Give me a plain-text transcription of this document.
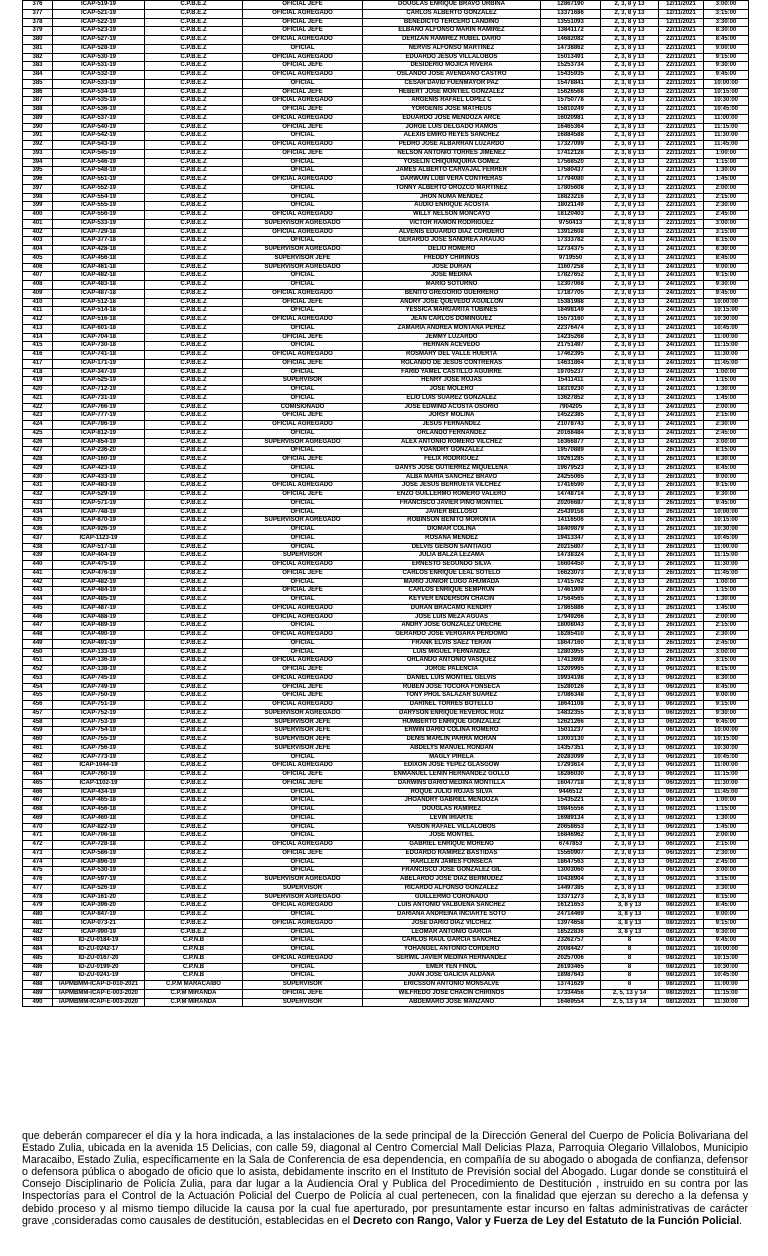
376	ICAP-519-19	C.P.B.E.Z	OFICIAL JEFE	DOUGLAS ENRIQUE BRAVO URBINA	12867190	2, 3, 8 y 13	12/11/2021	3:00:00
377	ICAP-521-19	C.P.B.E.Z	OFICIAL AGREGADO	CARLOS ALBERTO GONZALEZ	13371686	2, 3, 8 y 13	12/11/2021	3:15:00
378	ICAP-522-19	C.P.B.E.Z	OFICIAL JEFE	BENEDICTO TERCERO LANDINO	13551093	2, 3, 8 y 13	12/11/2021	3:30:00
379	ICAP-523-19	C.P.B.E.Z	OFICIAL JEFE	ELBANO ALFONSO MARIN RAMIREZ	13841172	2, 3, 8 y 13	22/11/2021	8:30:00
380	ICAP-527-19	C.P.B.E.Z	OFICIAL AGREGADO	DERIZAN RAMIREZ RUBEL DARIO	14682082	2, 3, 8 y 13	22/11/2021	8:45:00
381	ICAP-528-19	C.P.B.E.Z	OFICIAL	NERVIS ALFONSO MARTINEZ	14738862	2, 3, 8 y 13	22/11/2021	9:00:00
382	ICAP-530-19	C.P.B.E.Z	OFICIAL AGREGADO	EDUARDO JESUS VILLALOBOS	15013491	2, 3, 8 y 13	22/11/2021	9:15:00
383	ICAP-531-19	C.P.B.E.Z	OFICIAL JEFE	DESIDERIO MOJICA RIVERA	15253734	2, 3, 8 y 13	22/11/2021	9:30:00
384	ICAP-532-19	C.P.B.E.Z	OFICIAL AGREGADO	OSLANDO JOSE AVENDAÑO CASTRO	15435935	2, 3, 8 y 13	22/11/2021	9:45:00
385	ICAP-533-19	C.P.B.E.Z	OFICIAL	CESAR DAVID FUENMAYOR PAZ	15478841	2, 3, 8 y 13	22/11/2021	10:00:00
386	ICAP-534-19	C.P.B.E.Z	OFICIAL JEFE	HEBERT JOSE MONTIEL GONZALEZ	15626568	2, 3, 8 y 13	22/11/2021	10:15:00
387	ICAP-535-19	C.P.B.E.Z	OFICIAL AGREGADO	ARGENIS RAFAEL LOPEZ C	15750778	2, 3, 8 y 13	22/11/2021	10:30:00
388	ICAP-536-19	C.P.B.E.Z	OFICIAL JEFE	YORGENIS JOSE MATHEUS	15810249	2, 3, 8 y 13	22/11/2021	10:45:00
389	ICAP-537-19	C.P.B.E.Z	OFICIAL AGREGADO	EDUARDO JOSE MENDOZA ARCE	16020981	2, 3, 8 y 13	22/11/2021	11:00:00
390	ICAP-540-19	C.P.B.E.Z	OFICIAL JEFE	JORGE LUIS DELGADO RAMOS	16465364	2, 3, 8 y 13	22/11/2021	11:15:00
391	ICAP-542-19	C.P.B.E.Z	OFICIAL	ALEXIS EMIRO REYES SANCHEZ	16884588	2, 3, 8 y 13	22/11/2021	11:30:00
392	ICAP-543-19	C.P.B.E.Z	OFICIAL AGREGADO	PEDRO JOSE ALBARRAN LUZARDO	17327099	2, 3, 8 y 13	22/11/2021	11:45:00
393	ICAP-545-19	C.P.B.E.Z	OFICIAL JEFE	NELSON ANTONIO TORRES JIMENEZ	17412128	2, 3, 8 y 13	22/11/2021	1:00:00
394	ICAP-546-19	C.P.B.E.Z	OFICIAL	YOSELIN CHIQUINQUIRA GOMEZ	17568520	2, 3, 8 y 13	22/11/2021	1:15:00
395	ICAP-548-19	C.P.B.E.Z	OFICIAL	JAMES ALBERTO CARVAJAL FERRER	17580437	2, 3, 8 y 13	22/11/2021	1:30:00
396	ICAP-551-19	C.P.B.E.Z	OFICIAL AGREGADO	DARWUIN LUBI VERA CONTRERAS	17794080	2, 3, 8 y 13	22/11/2021	1:45:00
397	ICAP-552-19	C.P.B.E.Z	OFICIAL	TONNY ALBERTO OROZCO MARTINEZ	17805608	2, 3, 8 y 13	22/11/2021	2:00:00
398	ICAP-554-19	C.P.B.E.Z	OFICIAL	JHON NUMA MENDEZ	18823216	2, 3, 8 y 13	22/11/2021	2:15:00
399	ICAP-555-19	C.P.B.E.Z	OFICIAL	AUDIO ENRIQUE ACOSTA	18021149	2, 3, 8 y 13	22/11/2021	2:30:00
400	ICAP-556-19	C.P.B.E.Z	OFICIAL AGREGADO	WILLY NELSON MONCAYO	18120403	2, 3, 8 y 13	22/11/2021	2:45:00
401	ICAP-533-19	C.P.B.E.Z	SUPERVISOR AGREGADO	VICTOR RAMON RODRIGUEZ	9750413	2, 3, 8 y 13	22/11/2021	3:00:00
402	ICAP-729-18	C.P.B.E.Z	OFICIAL AGREGADO	ALVENIS EDUARDO DIAZ CORDERO	13912608	2, 3, 8 y 13	22/11/2021	3:15:00
403	ICAP-377-18	C.P.B.E.Z	OFICIAL	GERARDO JOSE SANDREA ARAUJO	17333782	2, 3, 8 y 13	24/11/2021	8:15:00
404	ICAP-428-18	C.P.B.E.Z	SUPERVISOR AGREGADO	DELIO ROMERO	12734375	2, 3, 8 y 13	24/11/2021	8:30:00
405	ICAP-456-18	C.P.B.E.Z	SUPERVISOR JEFE	FREDDY CHIRINOS	9719550	2, 3, 8 y 13	24/11/2021	8:45:00
406	ICAP-461-18	C.P.B.E.Z	SUPERVISOR AGREGADO	JOSE DURAN	11607258	2, 3, 8 y 13	24/11/2021	9:00:00
407	ICAP-482-18	C.P.B.E.Z	OFICIAL	JOSE MEDINA	17827652	2, 3, 8 y 13	24/11/2021	9:15:00
408	ICAP-483-18	C.P.B.E.Z	OFICIAL	MARIO SOTURNO	12307068	2, 3, 8 y 13	24/11/2021	9:30:00
409	ICAP-487-18	C.P.B.E.Z	OFICIAL AGREGADO	BENITO GREGORIO GUERRERO	17187705	2, 3, 8 y 13	24/11/2021	9:45:00
410	ICAP-512-18	C.P.B.E.Z	OFICIAL JEFE	ANDRY JOSE QUEVEDO AGUILLON	15381988	2, 3, 8 y 13	24/11/2021	10:00:00
411	ICAP-514-18	C.P.B.E.Z	OFICIAL	YESSICA MARGARITA TUBIÑES	18498149	2, 3, 8 y 13	24/11/2021	10:15:00
412	ICAP-516-18	C.P.B.E.Z	OFICIAL AGREGADO	JEAN CARLOS DOMINGUEZ	15573160	2, 3, 8 y 13	24/11/2021	10:30:00
413	ICAP-601-18	C.P.B.E.Z	OFICIAL	ZAMARIA ANDREA MONTAÑA PEREZ	22376474	2, 3, 8 y 13	24/11/2021	10:45:00
414	ICAP-704-18	C.P.B.E.Z	OFICIAL JEFE	JEMMY LUZARDO	14235268	2, 3, 8 y 13	24/11/2021	11:00:00
415	ICAP-730-18	C.P.B.E.Z	OFICIAL	HERNAN ACEVEDO	21751497	2, 3, 8 y 13	24/11/2021	11:15:00
416	ICAP-741-18	C.P.B.E.Z	OFICIAL AGREGADO	ROSMARY DEL VALLE HUERTA	17462395	2, 3, 8 y 13	24/11/2021	11:30:00
417	ICAP-171-19	C.P.B.E.Z	OFICIAL JEFE	ROLANDO DE JESUS CONTRERAS	14631864	2, 3, 8 y 13	24/11/2021	11:45:00
418	ICAP-347-19	C.P.B.E.Z	OFICIAL	FARID YAMEL CASTILLO AGUIRRE	19705237	2, 3, 8 y 13	24/11/2021	1:00:00
419	ICAP-525-19	C.P.B.E.Z	SUPERVISOR	HENRY JOSE ROJAS	15411411	2, 3, 8 y 13	24/11/2021	1:15:00
420	ICAP-712-19	C.P.B.E.Z	OFICIAL	JOSE MOLERO	18319230	2, 3, 8 y 13	24/11/2021	1:30:00
421	ICAP-731-19	C.P.B.E.Z	OFICIAL	ELIO LUIS SUAREZ GONZALEZ	13627852	2, 3, 8 y 13	24/11/2021	1:45:00
422	ICAP-766-19	C.P.B.E.Z	COMISIONADO	JOSE EDWIND ACOSTA OSORIO	7904205	2, 3, 8 y 13	24/11/2021	2:00:00
423	ICAP-777-19	C.P.B.E.Z	OFICIAL JEFE	JORSY MOLINA	14522385	2, 3, 8 y 13	24/11/2021	2:15:00
424	ICAP-786-19	C.P.B.E.Z	OFICIAL AGREGADO	JESUS FERNANDEZ	21078743	2, 3, 8 y 13	24/11/2021	2:30:00
425	ICAP-812-19	C.P.B.E.Z	OFICIAL	ORLANDO FERNANDEZ	20168484	2, 3, 8 y 13	24/11/2021	2:45:00
426	ICAP-854-19	C.P.B.E.Z	SUPERVISOR AGREGADO	ALEX ANTONIO ROMERO VILCHEZ	16366877	2, 3, 8 y 13	24/11/2021	3:00:00
427	ICAP-236-20	C.P.B.E.Z	OFICIAL	YOANDRY GONZALEZ	19570889	2, 3, 8 y 13	26/11/2021	8:15:00
428	ICAP-160-19	C.P.B.E.Z	OFICIAL JEFE	FELIX RODRIGUEZ	19261285	2, 3, 8 y 13	26/11/2021	8:30:00
429	ICAP-423-19	C.P.B.E.Z	OFICIAL	DANYS JOSE GUTIERREZ MIQUELENA	19679523	2, 3, 8 y 13	26/11/2021	8:45:00
430	ICAP-433-19	C.P.B.E.Z	OFICIAL	ALBA MARIA SANCHEZ BRAVO	24255065	2, 3, 8 y 13	26/11/2021	9:00:00
431	ICAP-483-19	C.P.B.E.Z	OFICIAL AGREGADO	JOSE JESUS BERRUETA VILCHEZ	17416590	2, 3, 8 y 13	26/11/2021	9:15:00
432	ICAP-529-19	C.P.B.E.Z	OFICIAL JEFE	ENZO GUILLERMO ROMERO VALERO	14748714	2, 3, 8 y 13	26/11/2021	9:30:00
433	ICAP-571-19	C.P.B.E.Z	OFICIAL	FRANCISCO JAVIER PINO MONTIEL	20206687	2, 3, 8 y 13	26/11/2021	9:45:00
434	ICAP-748-19	C.P.B.E.Z	OFICIAL	JAVIER BELLOSO	25439158	2, 3, 8 y 13	26/11/2021	10:00:00
435	ICAP-870-19	C.P.B.E.Z	SUPERVISOR AGREGADO	ROBINSON BENITO MORONTA	14116506	2, 3, 8 y 13	26/11/2021	10:15:00
436	ICAP-926-19	C.P.B.E.Z	OFICIAL	DIOMAR COLINA	18409879	2, 3, 8 y 13	26/11/2021	10:30:00
437	ICAP-1123-19	C.P.B.E.Z	OFICIAL	ROSANA MENDEZ	19413347	2, 3, 8 y 13	26/11/2021	10:45:00
438	ICAP-517-18	C.P.B.E.Z	OFICIAL	DELVIS GEISON SANTIAGO	20215807	2, 3, 8 y 13	26/11/2021	11:00:00
439	ICAP-404-19	C.P.B.E.Z	SUPERVISOR	JULIA BALZA LEZAMA	14738324	2, 3, 8 y 13	26/11/2021	11:15:00
440	ICAP-475-19	C.P.B.E.Z	OFICIAL AGREGADO	ERNESTO SEGUNDO SILVA	16604450	2, 3, 8 y 13	26/11/2021	11:30:00
441	ICAP-476-19	C.P.B.E.Z	OFICIAL JEFE	CARLOS ENRIQUE LEAL SOTELO	16623073	2, 3, 8 y 13	26/11/2021	11:45:00
442	ICAP-482-19	C.P.B.E.Z	OFICIAL	MARIO JUNIOR LUGO AHUMADA	17415762	2, 3, 8 y 13	26/11/2021	1:00:00
443	ICAP-484-19	C.P.B.E.Z	OFICIAL JEFE	CARLOS ENRIQUE SEMPRUN	17461909	2, 3, 8 y 13	26/11/2021	1:15:00
444	ICAP-485-19	C.P.B.E.Z	OFICIAL	KEYVER ENDERSON CHACIN	17564565	2, 3, 8 y 13	26/11/2021	1:30:00
445	ICAP-487-19	C.P.B.E.Z	OFICIAL AGREGADO	DURAN BRACAMO KENDRY	17865886	2, 3, 8 y 13	26/11/2021	1:45:00
446	ICAP-488-19	C.P.B.E.Z	OFICIAL AGREGADO	JOSE LUIS MEZA AGUAS	17949266	2, 3, 8 y 13	26/11/2021	2:00:00
447	ICAP-489-19	C.P.B.E.Z	OFICIAL	ANDRY JOSE GONZALEZ URECHE	18008043	2, 3, 8 y 13	26/11/2021	2:15:00
448	ICAP-490-19	C.P.B.E.Z	OFICIAL AGREGADO	GERARDO JOSE VERGARA PERDOMO	18285410	2, 3, 8 y 13	26/11/2021	2:30:00
449	ICAP-491-19	C.P.B.E.Z	OFICIAL	FRANK ELVIS SAEZ TERAN	18647160	2, 3, 8 y 13	26/11/2021	2:45:00
450	ICAP-133-19	C.P.B.E.Z	OFICIAL	LUIS MIGUEL FERNANDEZ	12803955	2, 3, 8 y 13	26/11/2021	3:00:00
451	ICAP-136-19	C.P.B.E.Z	OFICIAL AGREGADO	ORLANDO ANTONIO VASQUEZ	17413698	2, 3, 8 y 13	26/11/2021	3:15:00
452	ICAP-138-19	C.P.B.E.Z	OFICIAL JEFE	JORGE PALENCIA	13209965	2, 3, 8 y 13	06/12/2021	8:15:00
453	ICAP-745-19	C.P.B.E.Z	OFICIAL AGREGADO	DANIEL LUIS MONTIEL GELVIS	19934198	2, 3, 8 y 13	06/12/2021	8:30:00
454	ICAP-749-19	C.P.B.E.Z	OFICIAL JEFE	RUBEN JOSE TOCORA FONSECA	15280126	2, 3, 8 y 13	06/12/2021	8:45:00
455	ICAP-750-19	C.P.B.E.Z	OFICIAL JEFE	TONY PHOL SALAZAR SUAREZ	17086348	2, 3, 8 y 13	06/12/2021	9:00:00
456	ICAP-751-19	C.P.B.E.Z	OFICIAL AGREGADO	DARINEL TORRES BOTELLO	18641108	2, 3, 8 y 13	06/12/2021	9:15:00
457	ICAP-752-19	C.P.B.E.Z	SUPERVISOR AGREGADO	DARYSON ENRIQUE REVEROL RUIZ	14832355	2, 3, 8 y 13	06/12/2021	9:30:00
458	ICAP-753-19	C.P.B.E.Z	SUPERVISOR JEFE	HUMBERTO ENRIQUE GONZALEZ	12621266	2, 3, 8 y 13	06/12/2021	9:45:00
459	ICAP-754-19	C.P.B.E.Z	SUPERVISOR JEFE	ERWIN DARIO COLINA ROMERO	15011237	2, 3, 8 y 13	06/12/2021	10:00:00
460	ICAP-755-19	C.P.B.E.Z	SUPERVISOR JEFE	DENIS MARLIN PARRA MORAN	13003130	2, 3, 8 y 13	06/12/2021	10:15:00
461	ICAP-756-19	C.P.B.E.Z	SUPERVISOR JEFE	ABDELYS MANUEL RONDAN	14357351	2, 3, 8 y 13	06/12/2021	10:30:00
462	ICAP-773-19	C.P.B.E.Z	OFICIAL	MAGLY PIRELA	20283099	2, 3, 8 y 13	06/12/2021	10:45:00
463	ICAP-1044-19	C.P.B.E.Z	OFICIAL AGREGADO	EDIXON JOSE YEPEZ GLASGOW	17293614	2, 3, 8 y 13	06/12/2021	11:00:00
464	ICAP-760-19	C.P.B.E.Z	OFICIAL JEFE	ENMANUEL LENIN HERNANDEZ GOLLO	18286030	2, 3, 8 y 13	06/12/2021	11:15:00
465	ICAP-1102-19	C.P.B.E.Z	OFICIAL JEFE	DARWINS DARIO MEDINA MONTILLA	16047718	2, 3, 8 y 13	06/12/2021	11:30:00
466	ICAP-434-19	C.P.B.E.Z	OFICIAL	ROQUE JULIO ROJAS SILVA	9446512	2, 3, 8 y 13	06/12/2021	11:45:00
467	ICAP-465-18	C.P.B.E.Z	OFICIAL	JHOANDRY GABRIEL MENDOZA	15435221	2, 3, 8 y 13	06/12/2021	1:00:00
468	ICAP-456-18	C.P.B.E.Z	OFICIAL	DOUGLAS RAMIREZ	19845556	2, 3, 8 y 13	06/12/2021	1:15:00
469	ICAP-460-18	C.P.B.E.Z	OFICIAL	LEVIN IRIARTE	16989134	2, 3, 8 y 13	06/12/2021	1:30:00
470	ICAP-822-19	C.P.B.E.Z	OFICIAL	YAISON RAFAEL VILLALOBOS	20658653	2, 3, 8 y 13	06/12/2021	1:45:00
471	ICAP-706-18	C.P.B.E.Z	OFICIAL	JOSE MONTIEL	16846962	2, 3, 8 y 13	06/12/2021	2:00:00
472	ICAP-728-18	C.P.B.E.Z	OFICIAL AGREGADO	GABRIEL ENRIQUE MORENO	6747853	2, 3, 8 y 13	06/12/2021	2:15:00
473	ICAP-586-19	C.P.B.E.Z	OFICIAL JEFE	EDUARDO RAMIREZ BASTIDAS	15560907	2, 3, 8 y 13	06/12/2021	2:30:00
474	ICAP-896-19	C.P.B.E.Z	OFICIAL	HARLLEN JAMES FONSECA	18647563	2, 3, 8 y 13	06/12/2021	2:45:00
475	ICAP-530-19	C.P.B.E.Z	OFICIAL	FRANCISCO JOSE GONZALEZ GIL	13003060	2, 3, 8 y 13	06/12/2021	3:00:00
476	ICAP-597-19	C.P.B.E.Z	SUPERVISOR AGREGADO	ABELARDO JOSE DIAZ BERMUDEZ	10438904	2, 3, 8 y 13	06/12/2021	3:15:00
477	ICAP-526-19	C.P.B.E.Z	SUPERVISOR	RICARDO ALFONSO GONZALEZ	14497385	2, 3, 8 y 13	06/12/2021	3:30:00
478	ICAP-161-20	C.P.B.E.Z	SUPERVISOR AGREGADO	GUILLERMO CORONADO	13371273	2, 3, 8 y 13	08/12/2021	8:15:00
479	ICAP-396-20	C.P.B.E.Z	OFICIAL AGREGADO	LUIS ANTONIO VALBUENA SANCHEZ	16121653	3, 8 y 13	08/12/2021	8:45:00
480	ICAP-847-19	C.P.B.E.Z	OFICIAL	DARIANA ANDREINA INCIARTE SOTO	24714469	3, 8 y 13	08/12/2021	9:00:00
481	ICAP-073-21	C.P.B.E.Z	OFICIAL AGREGADO	JOSE DARIO DIAZ VILCHEZ	13974658	3, 8 y 13	08/12/2021	9:15:00
482	ICAP-990-19	C.P.B.E.Z	OFICIAL	LEOMAR ANTONIO GARCIA	18522836	3, 8 y 13	08/12/2021	9:30:00
483	ID-ZU-0184-19	C.P.N.B	OFICIAL	CARLOS RAUL GARCIA SANCHEZ	23262757	8	08/12/2021	9:45:00
484	ID-ZU-0242-17	C.P.N.B	OFICIAL	YOHANGEL ANTONIO CORDERO	20084427	8	08/12/2021	10:00:00
485	ID-ZU-0167-20	C.P.N.B	OFICIAL AGREGADO	SERWIL JAVIER MEDINA HERNANDEZ	20257006	8	08/12/2021	10:15:00
486	ID-ZU-0199-20	C.P.N.B	OFICIAL	EMER YEN FINOL	26193465	8	08/12/2021	10:30:00
487	ID-ZU-0241-19	C.P.N.B	OFICIAL	JUAN JOSE GALICIA ALDANA	18987643	8	08/12/2021	10:45:00
488	IAPMBMM-ICAP-D-010-2021	C.P.M MARACAIBO	SUPERVISOR	ERICSSON ANTONIO MONSALVE	13741629	8	08/12/2021	11:00:00
489	IAPMBMM-ICAP-E-003-2020	C.P.M MIRANDA	OFICIAL JEFE	WILFREDO JOSE CHACIN CHIRINOS	17334456	2, 5, 13 y 14	08/12/2021	11:15:00
490	IAPMBMM-ICAP-E-003-2020	C.P.M MIRANDA	SUPERVISOR	ABDEMARO JOSE MANZANO	16469554	2, 5, 13 y 14	08/12/2021	11:30:00
que deberán comparecer el día y la hora indicada, a las instalaciones de la sede principal de la Dirección General del Cuerpo de Policía Bolivariana del Estado Zulia, ubicada en la avenida 15 Delicias, con calle 59, diagonal al Centro Comercial Mall Delicias Plaza, Parroquia Olegario Villalobos, Municipio Maracaibo, Estado Zulia, específicamente en la Sala de Conferencia de esa dependencia, en compañía de su abogado o abogada de confianza, defensor o defensora pública o abogado de oficio que lo asista, debidamente inscrito en el Instituto de Previsión social del Abogado. Lugar donde se constituirá el Consejo Disciplinario de Policía Zulia, para dar lugar a la Audiencia Oral y Publica del Procedimiento de Destitución , instruido en su contra por las Inspectorías para el Control de la Actuación Policial del Cuerpo de Policía al cual pertenecen, con la finalidad que ejerzan su derecho a la defensa y debido proceso y al mismo tiempo dilucide la causa por la cual fue aperturado, por presuntamente estar incurso en faltas administrativas de carácter grave ,consideradas como causales de destitución, establecidas en el Decreto con Rango, Valor y Fuerza de Ley del Estatuto de la Función Policial.
